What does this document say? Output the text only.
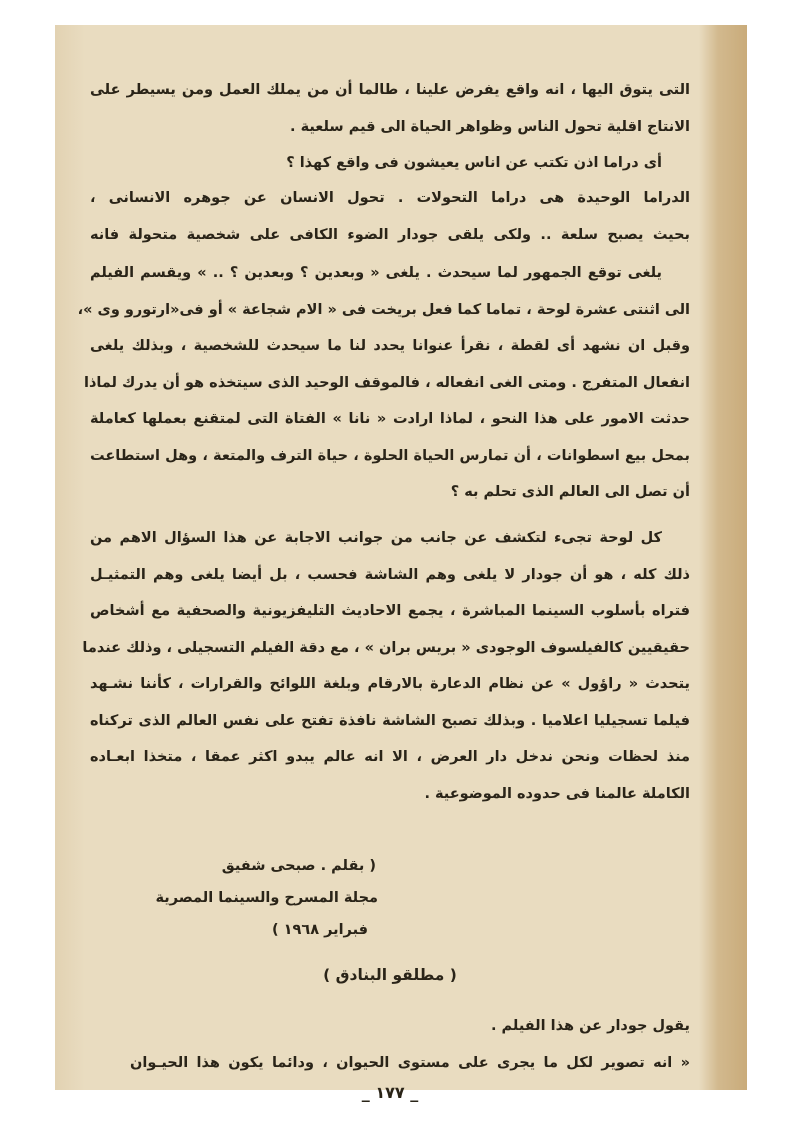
التى يتوق اليها ، انه واقع يفرض علينا ، طالما أن من يملك العمل ومن يسيطر على
الانتاج اقلية تحول الناس وظواهر الحياة الى قيم سلعية .
أى دراما اذن تكتب عن اناس يعيشون فى واقع كهذا ؟
الدراما الوحيدة هى دراما التحولات . تحول الانسان عن جوهره الانسانى ،
بحيث يصبح سلعة .. ولكى يلقى جودار الضوء الكافى على شخصية متحولة فانه
يلغى توقع الجمهور لما سيحدث . يلغى « وبعدين ؟ وبعدين ؟ .. » ويقسم الفيلم
الى اثنتى عشرة لوحة ، تماما كما فعل بريخت فى « الام شجاعة » أو فى«ارتورو وى »،
وقبل ان نشهد أى لقطة ، نقرأ عنوانا يحدد لنا ما سيحدث للشخصية ، وبذلك يلغى
انفعال المتفرج . ومتى الغى انفعاله ، فالموقف الوحيد الذى سيتخذه هو أن يدرك لماذا
حدثت الامور على هذا النحو ، لماذا ارادت « نانا » الفتاة التى لمتقنع بعملها كعاملة
بمحل بيع اسطوانات ، أن تمارس الحياة الحلوة ، حياة الترف والمتعة ، وهل استطاعت
أن تصل الى العالم الذى تحلم به ؟
كل لوحة تجىء لتكشف عن جانب من جوانب الاجابة عن هذا السؤال الاهم من
ذلك كله ، هو أن جودار لا يلغى وهم الشاشة فحسب ، بل أيضا يلغى وهم التمثيـل
فتراه بأسلوب السينما المباشرة ، يجمع الاحاديث التليفزيونية والصحفية مع أشخاص
حقيقيين كالفيلسوف الوجودى « بريس بران » ، مع دقة الفيلم التسجيلى ، وذلك عندما
يتحدث « راؤول » عن نظام الدعارة بالارقام وبلغة اللوائح والقرارات ، كأننا نشـهد
فيلما تسجيليا اعلاميا . وبذلك تصبح الشاشة نافذة تفتح على نفس العالم الذى تركناه
منذ لحظات ونحن ندخل دار العرض ، الا انه عالم يبدو اكثر عمقا ، متخذا ابعـاده
الكاملة عالمنا فى حدوده الموضوعية .
( بقلم . صبحى شفيق
مجلة المسرح والسينما المصرية
فبراير ١٩٦٨ )
( مطلقو البنادق )
يقول جودار عن هذا الفيلم .
« انه تصوير لكل ما يجرى على مستوى الحيوان ، ودائما يكون هذا الحيـوان
_ ١٧٧ _
